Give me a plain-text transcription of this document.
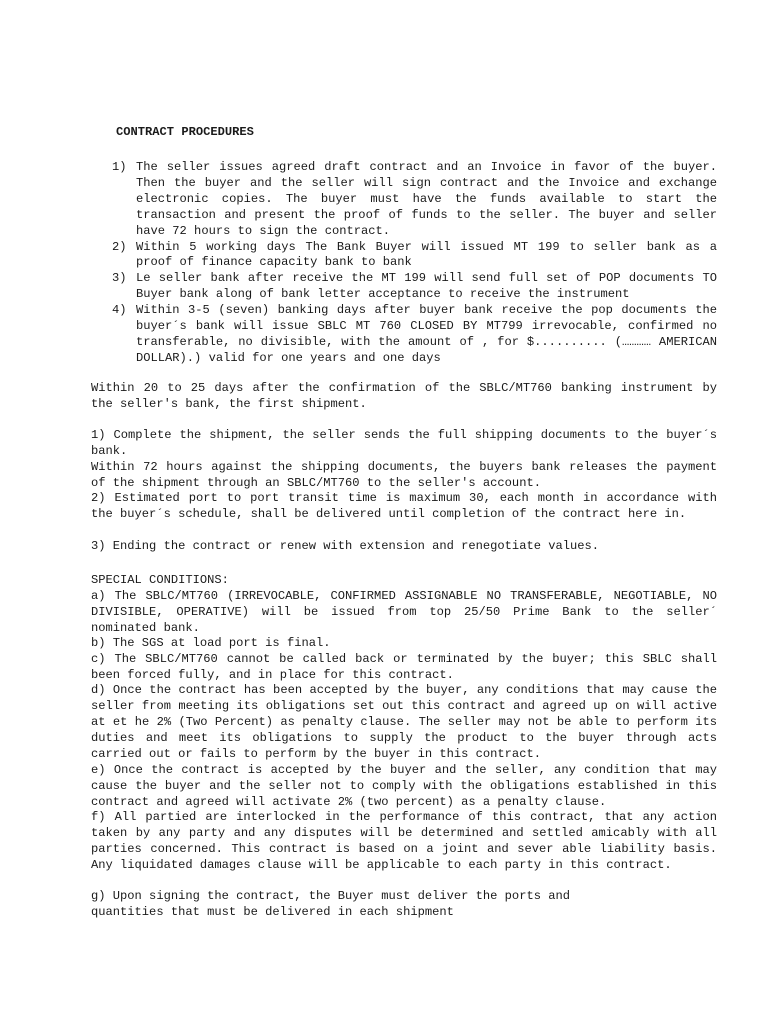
CONTRACT PROCEDURES

1) The seller issues agreed draft contract and an Invoice in favor of the buyer. Then the buyer and the seller will sign contract and the Invoice and exchange electronic copies. The buyer must have the funds available to start the transaction and present the proof of funds to the seller. The buyer and seller have 72 hours to sign the contract.
2) Within 5 working days The Bank Buyer will issued MT 199 to seller bank as a proof of finance capacity bank to bank
3) Le seller bank after receive the MT 199 will send full set of POP documents TO Buyer bank along of bank letter acceptance to receive the instrument
4) Within 3-5 (seven) banking days after buyer bank receive the pop documents the buyer´s bank will issue SBLC MT 760 CLOSED BY MT799 irrevocable, confirmed no transferable, no divisible, with the amount of , for $.......... (………… AMERICAN DOLLAR).) valid for one years and one days

Within 20 to 25 days after the confirmation of the SBLC/MT760 banking instrument by the seller's bank, the first shipment.

1) Complete the shipment, the seller sends the full shipping documents to the buyer´s bank.

Within 72 hours against the shipping documents, the buyers bank releases the payment of the shipment through an SBLC/MT760 to the seller's account.

2) Estimated port to port transit time is maximum 30, each month in accordance with the buyer´s schedule, shall be delivered until completion of the contract here in.

3) Ending the contract or renew with extension and renegotiate values.

SPECIAL CONDITIONS:

a) The SBLC/MT760 (IRREVOCABLE, CONFIRMED ASSIGNABLE NO TRANSFERABLE, NEGOTIABLE, NO DIVISIBLE, OPERATIVE) will be issued from top 25/50 Prime Bank to the seller´ nominated bank.

b) The SGS at load port is final.

c) The SBLC/MT760 cannot be called back or terminated by the buyer; this SBLC shall been forced fully, and in place for this contract.

d) Once the contract has been accepted by the buyer, any conditions that may cause the seller from meeting its obligations set out this contract and agreed up on will active at et he 2% (Two Percent) as penalty clause. The seller may not be able to perform its duties and meet its obligations to supply the product to the buyer through acts carried out or fails to perform by the buyer in this contract.

e) Once the contract is accepted by the buyer and the seller, any condition that may cause the buyer and the seller not to comply with the obligations established in this contract and agreed will activate 2% (two percent) as a penalty clause.

f) All partied are interlocked in the performance of this contract, that any action taken by any party and any disputes will be determined and settled amicably with all parties concerned. This contract is based on a joint and sever able liability basis. Any liquidated damages clause will be applicable to each party in this contract.

g) Upon signing the contract, the Buyer must deliver the ports and

quantities that must be delivered in each shipment
